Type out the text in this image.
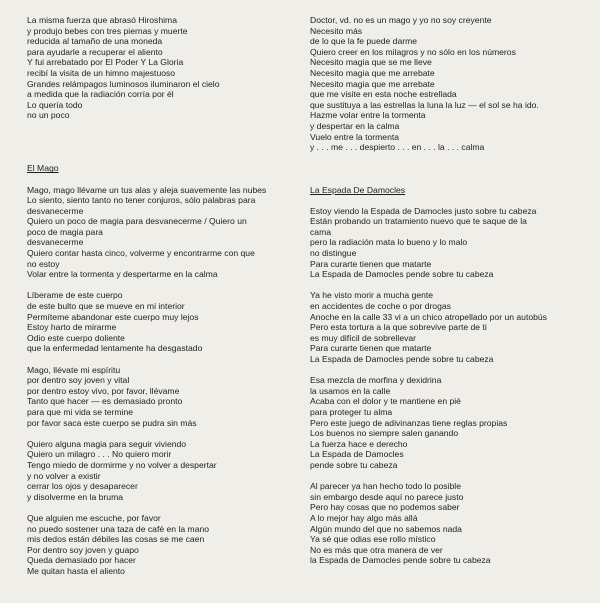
La misma fuerza que abrasó Hiroshima
y produjo bebes con tres piernas y muerte
reducida al tamaño de una moneda
para ayudarle a recuperar el aliento
Y fui arrebatado por El Poder Y La Gloria
recibí la visita de un himno majestuoso
Grandes relámpagos luminosos iluminaron el cielo
a medida que la radiación corría por él
Lo quería todo
no un poco
El Mago
Mago, mago llévame un tus alas y aleja suavemente las nubes
Lo siento, siento tanto no tener conjuros, sólo palabras para
desvanecerme
Quiero un poco de magia para desvanecerme / Quiero un
poco de magia para
desvanecerme
Quiero contar hasta cinco, volverme y encontrarme con que
no estoy
Volar entre la tormenta y despertarme en la calma
Líberame de este cuerpo
de este bulto que se mueve en mi interior
Permíteme abandonar este cuerpo muy lejos
Estoy harto de mirarme
Odio este cuerpo doliente
que la enfermedad lentamente ha desgastado
Mago, llévate mi espíritu
por dentro soy joven y vital
por dentro estoy vivo, por favor, llévame
Tanto que hacer — es demasiado pronto
para que mi vida se termine
por favor saca este cuerpo se pudra sin más
Quiero alguna magia para seguir viviendo
Quiero un milagro . . . No quiero morir
Tengo miedo de dormirme y no volver a despertar
y no volver a existir
cerrar los ojos y desaparecer
y disolverme en la bruma
Que alguien me escuche, por favor
no puedo sostener una taza de café en la mano
mis dedos están débiles las cosas se me caen
Por dentro soy joven y guapo
Queda demasiado por hacer
Me quitan hasta el aliento
Doctor, vd. no es un mago y yo no soy creyente
Necesito más
de lo que la fe puede darme
Quiero creer en los milagros y no sólo en los números
Necesito magia que se me lleve
Necesito magia que me arrebate
Necesito magia que me arrebate
que me visite en esta noche estrellada
que sustituya a las estrellas la luna la luz — el sol se ha ido.
Hazme volar entre la tormenta
y despertar en la calma
Vuelo entre la tormenta
y . . . me . . . despierto . . . en . . . la . . . calma
La Espada De Damocles
Estoy viendo la Espada de Damocles justo sobre tu cabeza
Están probando un tratamiento nuevo que te saque de la
cama
pero la radiación mata lo bueno y lo malo
no distingue
Para curarte tienen que matarte
La Espada de Damocles pende sobre tu cabeza
Ya he visto morir a mucha gente
en accidentes de coche o por drogas
Anoche en la calle 33 vi a un chico atropellado por un autobús
Pero esta tortura a la que sobrevive parte de ti
es muy difícil de sobrellevar
Para curarte tienen que matarte
La Espada de Damocles pende sobre tu cabeza
Esa mezcla de morfina y dexidrina
la usamos en la calle
Acaba con el dolor y te mantiene en pié
para proteger tu alma
Pero este juego de adivinanzas tiene reglas propias
Los buenos no siempre salen ganando
La fuerza hace e derecho
La Espada de Damocles
pende sobre tu cabeza
Al parecer ya han hecho todo lo posible
sin embargo desde aquí no parece justo
Pero hay cosas que no podemos saber
A lo mejor hay algo más allá
Algún mundo del que no sabemos nada
Ya sé que odias ese rollo místico
No es más que otra manera de ver
la Espada de Damocles pende sobre tu cabeza
